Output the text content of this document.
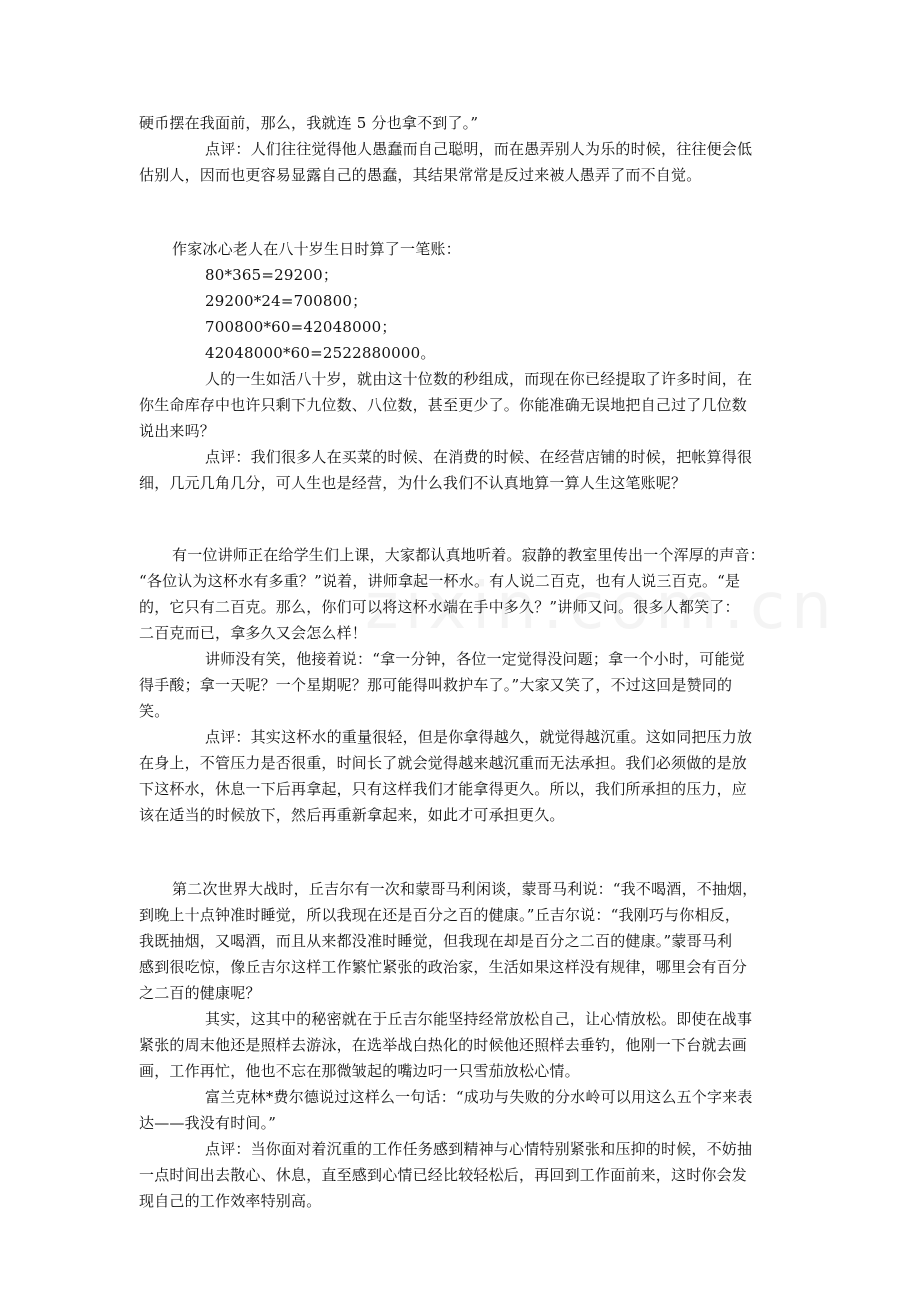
硬币摆在我面前，那么，我就连 5 分也拿不到了。”
点评：人们往往觉得他人愚蠢而自己聪明，而在愚弄别人为乐的时候，往往便会低
估别人，因而也更容易显露自己的愚蠢，其结果常常是反过来被人愚弄了而不自觉。
作家冰心老人在八十岁生日时算了一笔账：
80*365=29200；
29200*24=700800；
700800*60=42048000；
42048000*60=2522880000。
人的一生如活八十岁，就由这十位数的秒组成，而现在你已经提取了许多时间，在
你生命库存中也许只剩下九位数、八位数，甚至更少了。你能准确无误地把自己过了几位数
说出来吗？
点评：我们很多人在买菜的时候、在消费的时候、在经营店铺的时候，把帐算得很
细，几元几角几分，可人生也是经营，为什么我们不认真地算一算人生这笔账呢？
有一位讲师正在给学生们上课，大家都认真地听着。寂静的教室里传出一个浑厚的声音：
“各位认为这杯水有多重？”说着，讲师拿起一杯水。有人说二百克，也有人说三百克。“是
的，它只有二百克。那么，你们可以将这杯水端在手中多久？”讲师又问。很多人都笑了：
二百克而已，拿多久又会怎么样！
讲师没有笑，他接着说：“拿一分钟，各位一定觉得没问题；拿一个小时，可能觉
得手酸；拿一天呢？一个星期呢？那可能得叫救护车了。”大家又笑了，不过这回是赞同的
笑。
点评：其实这杯水的重量很轻，但是你拿得越久，就觉得越沉重。这如同把压力放
在身上，不管压力是否很重，时间长了就会觉得越来越沉重而无法承担。我们必须做的是放
下这杯水，休息一下后再拿起，只有这样我们才能拿得更久。所以，我们所承担的压力，应
该在适当的时候放下，然后再重新拿起来，如此才可承担更久。
第二次世界大战时，丘吉尔有一次和蒙哥马利闲谈，蒙哥马利说：“我不喝酒，不抽烟，
到晚上十点钟准时睡觉，所以我现在还是百分之百的健康。”丘吉尔说：“我刚巧与你相反，
我既抽烟，又喝酒，而且从来都没准时睡觉，但我现在却是百分之二百的健康。”蒙哥马利
感到很吃惊，像丘吉尔这样工作繁忙紧张的政治家，生活如果这样没有规律，哪里会有百分
之二百的健康呢？
其实，这其中的秘密就在于丘吉尔能坚持经常放松自己，让心情放松。即使在战事
紧张的周末他还是照样去游泳，在选举战白热化的时候他还照样去垂钓，他刚一下台就去画
画，工作再忙，他也不忘在那微皱起的嘴边叼一只雪茄放松心情。
富兰克林*费尔德说过这样么一句话：“成功与失败的分水岭可以用这么五个字来表
达——我没有时间。”
点评：当你面对着沉重的工作任务感到精神与心情特别紧张和压抑的时候，不妨抽
一点时间出去散心、休息，直至感到心情已经比较轻松后，再回到工作面前来，这时你会发
现自己的工作效率特别高。
